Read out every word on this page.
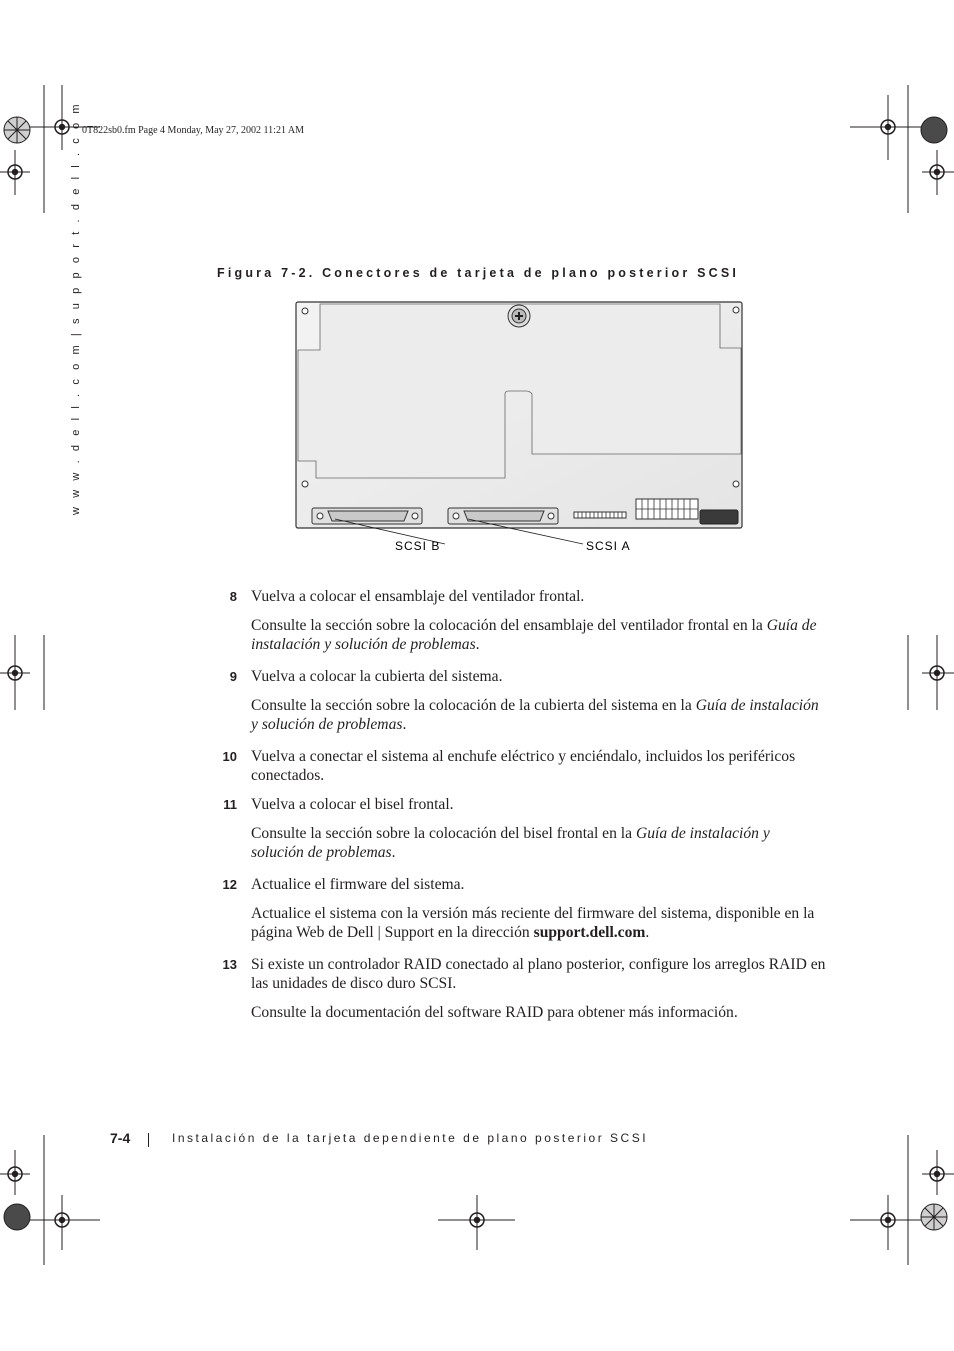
0T822sb0.fm Page 4 Monday, May 27, 2002 11:21 AM
w w w . d e l l . c o m | s u p p o r t . d e l l . c o m	Figura 7-2. Conectores de tarjeta de plano posterior SCSI
SCSI B	SCSI A
8 Vuelva a colocar el ensamblaje del ventilador frontal.
Consulte la sección sobre la colocación del ensamblaje del ventilador frontal en la Guía de instalación y solución de problemas.
9 Vuelva a colocar la cubierta del sistema.
Consulte la sección sobre la colocación de la cubierta del sistema en la Guía de instalación y solución de problemas.
10 Vuelva a conectar el sistema al enchufe eléctrico y enciéndalo, incluidos los periféricos conectados.
11 Vuelva a colocar el bisel frontal.
Consulte la sección sobre la colocación del bisel frontal en la Guía de instalación y solución de problemas.
12 Actualice el firmware del sistema.
Actualice el sistema con la versión más reciente del firmware del sistema, disponible en la página Web de Dell | Support en la dirección support.dell.com.
13 Si existe un controlador RAID conectado al plano posterior, configure los arreglos RAID en las unidades de disco duro SCSI.
Consulte la documentación del software RAID para obtener más información.
7-4	Instalación de la tarjeta dependiente de plano posterior SCSI
